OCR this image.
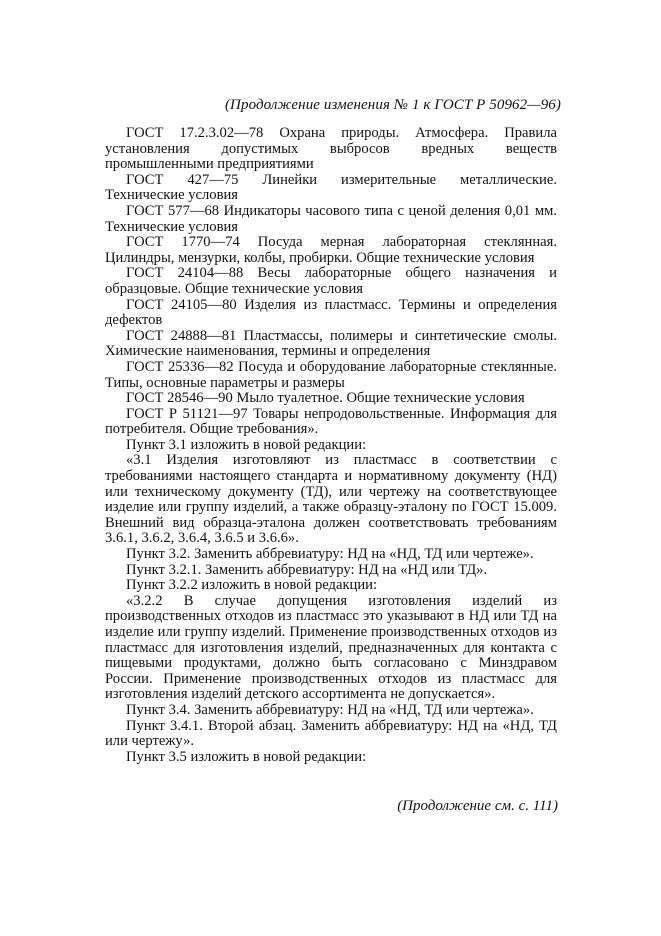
(Продолжение изменения № 1 к ГОСТ Р 50962—96)

ГОСТ 17.2.3.02—78 Охрана природы. Атмосфера. Правила установления допустимых выбросов вредных веществ промышленными предприятиями

ГОСТ 427—75 Линейки измерительные металлические. Технические условия

ГОСТ 577—68 Индикаторы часового типа с ценой деления 0,01 мм. Технические условия

ГОСТ 1770—74 Посуда мерная лабораторная стеклянная. Цилиндры, мензурки, колбы, пробирки. Общие технические условия

ГОСТ 24104—88 Весы лабораторные общего назначения и образцовые. Общие технические условия

ГОСТ 24105—80 Изделия из пластмасс. Термины и определения дефектов

ГОСТ 24888—81 Пластмассы, полимеры и синтетические смолы. Химические наименования, термины и определения

ГОСТ 25336—82 Посуда и оборудование лабораторные стеклянные. Типы, основные параметры и размеры

ГОСТ 28546—90 Мыло туалетное. Общие технические условия

ГОСТ Р 51121—97 Товары непродовольственные. Информация для потребителя. Общие требования».

Пункт 3.1 изложить в новой редакции:

«3.1 Изделия изготовляют из пластмасс в соответствии с требованиями настоящего стандарта и нормативному документу (НД) или техническому документу (ТД), или чертежу на соответствующее изделие или группу изделий, а также образцу-эталону по ГОСТ 15.009. Внешний вид образца-эталона должен соответствовать требованиям 3.6.1, 3.6.2, 3.6.4, 3.6.5 и 3.6.6».

Пункт 3.2. Заменить аббревиатуру: НД на «НД, ТД или чертеже».

Пункт 3.2.1. Заменить аббревиатуру: НД на «НД или ТД».

Пункт 3.2.2 изложить в новой редакции:

«3.2.2 В случае допущения изготовления изделий из производственных отходов из пластмасс это указывают в НД или ТД на изделие или группу изделий. Применение производственных отходов из пластмасс для изготовления изделий, предназначенных для контакта с пищевыми продуктами, должно быть согласовано с Минздравом России. Применение производственных отходов из пластмасс для изготовления изделий детского ассортимента не допускается».

Пункт 3.4. Заменить аббревиатуру: НД на «НД, ТД или чертежа».

Пункт 3.4.1. Второй абзац. Заменить аббревиатуру: НД на «НД, ТД или чертежу».

Пункт 3.5 изложить в новой редакции:

(Продолжение см. с. 111)
